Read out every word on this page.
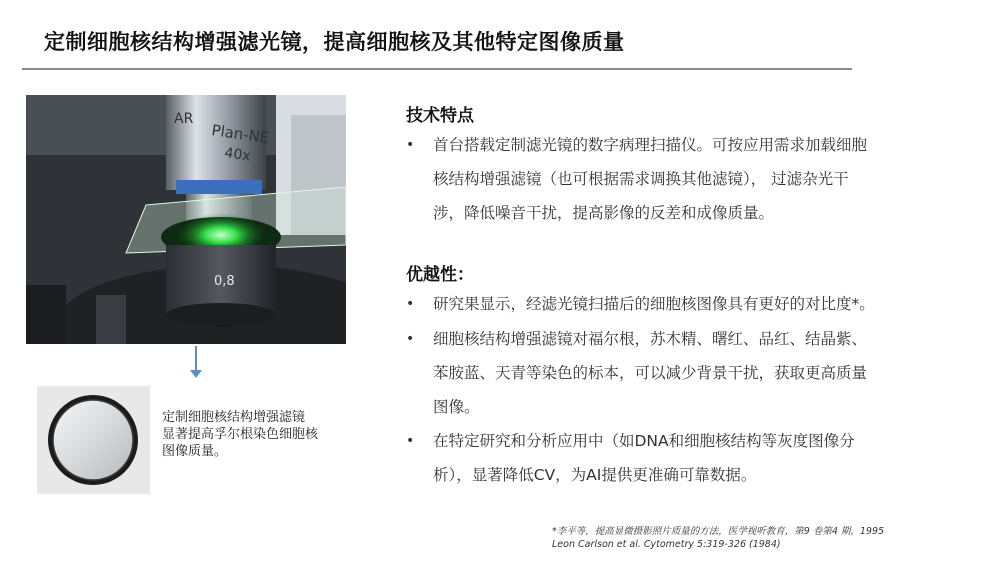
定制细胞核结构增强滤光镜，提高细胞核及其他特定图像质量
Plan-NE
40x
AR
0,8
定制细胞核结构增强滤镜
显著提高孚尔根染色细胞核
图像质量。
技术特点
•	首台搭载定制滤光镜的数字病理扫描仪。可按应用需求加载细胞
核结构增强滤镜（也可根据需求调换其他滤镜）， 过滤杂光干
涉，降低噪音干扰，提高影像的反差和成像质量。
优越性：
•	研究果显示，经滤光镜扫描后的细胞核图像具有更好的对比度*。
•	细胞核结构增强滤镜对福尔根，苏木精、曙红、品红、结晶紫、
苯胺蓝、天青等染色的标本，可以减少背景干扰，获取更高质量
图像。
•	在特定研究和分析应用中（如DNA和细胞核结构等灰度图像分
析），显著降低CV，为AI提供更准确可靠数据。
*李平等，提高显微摄影照片质量的方法，医学视听教育，第9 卷第4 期，1995
Leon Carlson et al. Cytometry 5:319-326 (1984)
